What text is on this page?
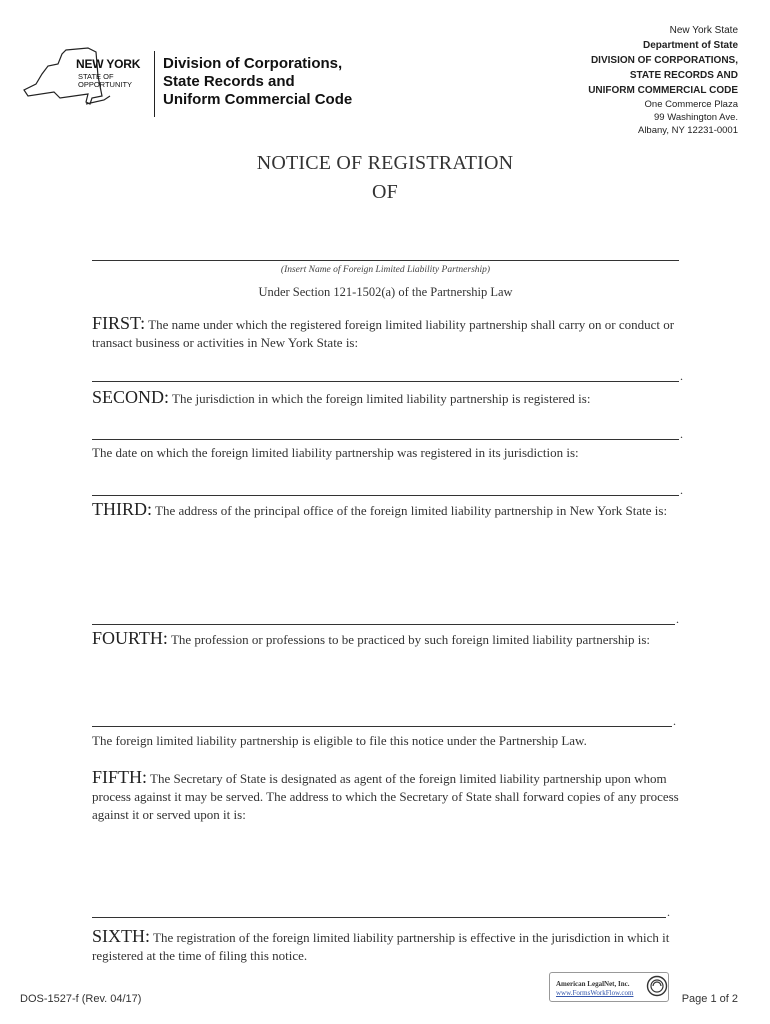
NEW YORK
STATE OF
OPPORTUNITY
Division of Corporations,
State Records and
Uniform Commercial Code
New York State
Department of State
DIVISION OF CORPORATIONS,
STATE RECORDS AND
UNIFORM COMMERCIAL CODE
One Commerce Plaza
99 Washington Ave.
Albany, NY 12231-0001
NOTICE OF REGISTRATION
OF
(Insert Name of Foreign Limited Liability Partnership)
Under Section 121-1502(a) of the Partnership Law
FIRST: The name under which the registered foreign limited liability partnership shall carry on or conduct or transact business or activities in New York State is:
.
SECOND: The jurisdiction in which the foreign limited liability partnership is registered is:
.
The date on which the foreign limited liability partnership was registered in its jurisdiction is:
.
THIRD: The address of the principal office of the foreign limited liability partnership in New York State is:
.
FOURTH: The profession or professions to be practiced by such foreign limited liability partnership is:
.
The foreign limited liability partnership is eligible to file this notice under the Partnership Law.
FIFTH: The Secretary of State is designated as agent of the foreign limited liability partnership upon whom process against it may be served. The address to which the Secretary of State shall forward copies of any process against it or served upon it is:
.
SIXTH: The registration of the foreign limited liability partnership is effective in the jurisdiction in which it registered at the time of filing this notice.
American LegalNet, Inc.
www.FormsWorkFlow.com
DOS-1527-f (Rev. 04/17)	Page 1 of 2
